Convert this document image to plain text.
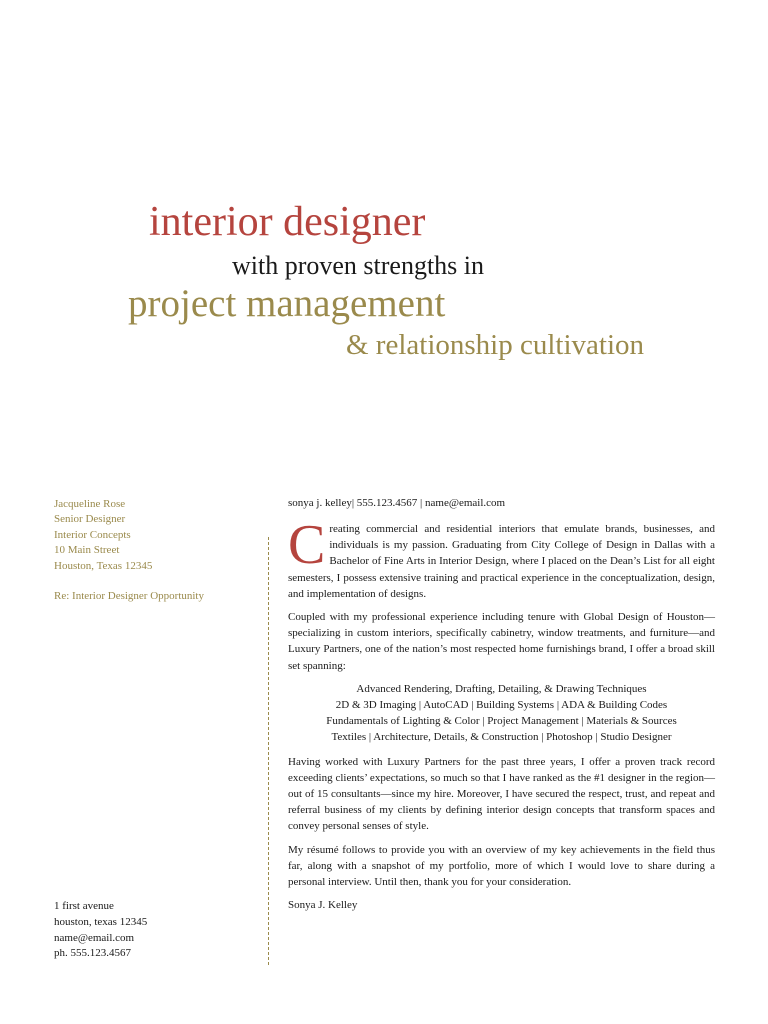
interior designer
with proven strengths in
project management
& relationship cultivation
Jacqueline Rose
Senior Designer
Interior Concepts
10 Main Street
Houston, Texas 12345
Re: Interior Designer Opportunity
sonya j. kelley| 555.123.4567 | name@email.com

Creating commercial and residential interiors that emulate brands, businesses, and individuals is my passion. Graduating from City College of Design in Dallas with a Bachelor of Fine Arts in Interior Design, where I placed on the Dean’s List for all eight semesters, I possess extensive training and practical experience in the conceptualization, design, and implementation of designs.

Coupled with my professional experience including tenure with Global Design of Houston—specializing in custom interiors, specifically cabinetry, window treatments, and furniture—and Luxury Partners, one of the nation’s most respected home furnishings brand, I offer a broad skill set spanning:

Advanced Rendering, Drafting, Detailing, & Drawing Techniques
2D & 3D Imaging | AutoCAD | Building Systems | ADA & Building Codes
Fundamentals of Lighting & Color | Project Management | Materials & Sources
Textiles | Architecture, Details, & Construction | Photoshop | Studio Designer

Having worked with Luxury Partners for the past three years, I offer a proven track record exceeding clients’ expectations, so much so that I have ranked as the #1 designer in the region—out of 15 consultants—since my hire. Moreover, I have secured the respect, trust, and repeat and referral business of my clients by defining interior design concepts that transform spaces and convey personal senses of style.

My résumé follows to provide you with an overview of my key achievements in the field thus far, along with a snapshot of my portfolio, more of which I would love to share during a personal interview. Until then, thank you for your consideration.

Sonya J. Kelley

1 first avenue
houston, texas 12345
name@email.com
ph. 555.123.4567
